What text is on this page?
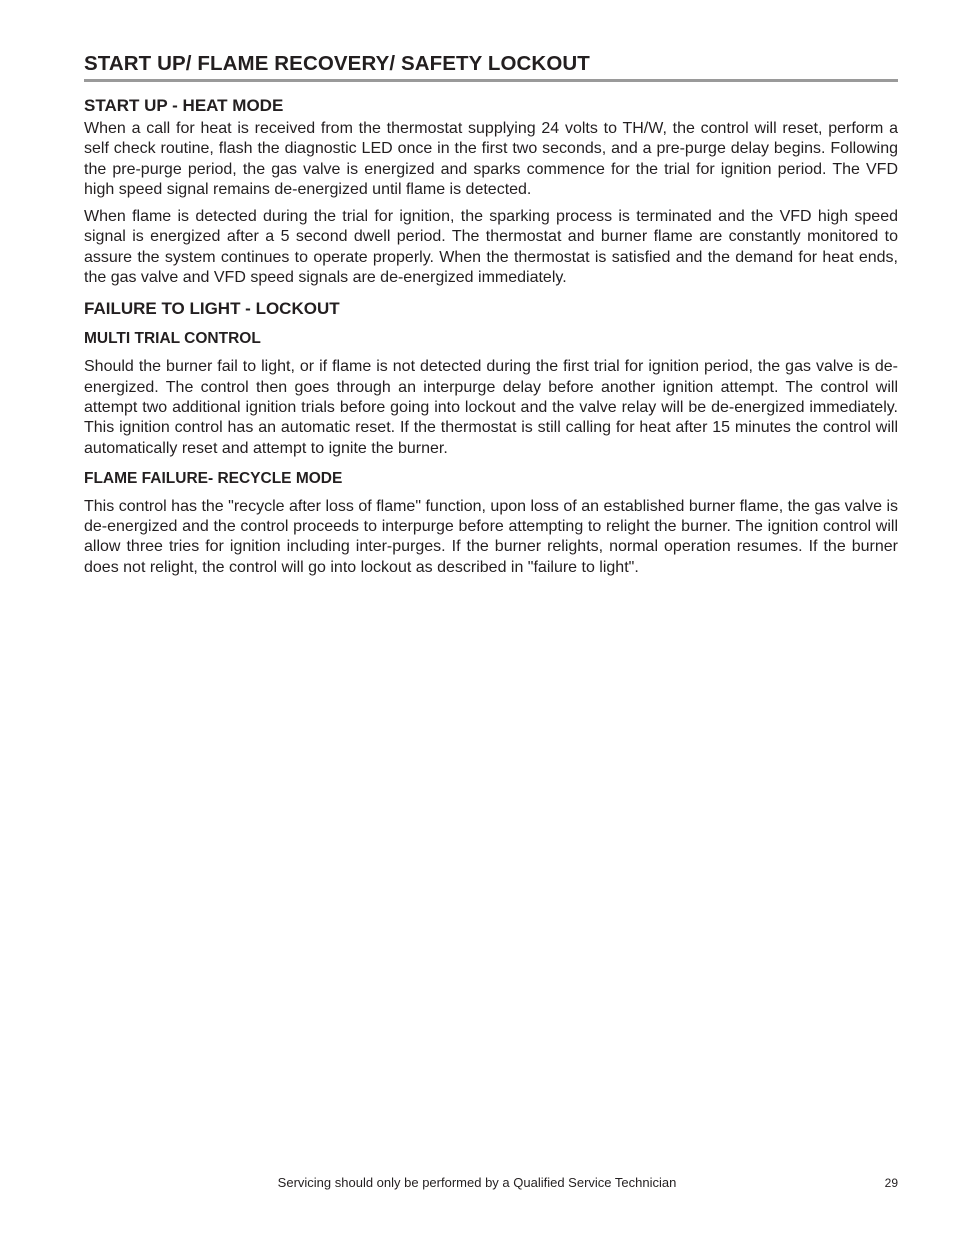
START UP/ FLAME RECOVERY/ SAFETY LOCKOUT
START UP - HEAT MODE

When a call for heat is received from the thermostat supplying 24 volts to TH/W, the control will reset, perform a self check routine, flash the diagnostic LED once in the first two seconds, and a pre-purge delay begins. Following the pre-purge period, the gas valve is energized and sparks commence for the trial for ignition period. The VFD high speed signal remains de-energized until flame is detected.

When flame is detected during the trial for ignition, the sparking process is terminated and the VFD high speed signal is energized after a 5 second dwell period. The thermostat and burner flame are constantly monitored to assure the system continues to operate properly. When the thermostat is satisfied and the demand for heat ends, the gas valve and VFD speed signals are de-energized immediately.

FAILURE TO LIGHT - LOCKOUT
MULTI TRIAL CONTROL

Should the burner fail to light, or if flame is not detected during the first trial for ignition period, the gas valve is de-energized. The control then goes through an interpurge delay before another ignition attempt. The control will attempt two additional ignition trials before going into lockout and the valve relay will be de-energized immediately. This ignition control has an automatic reset. If the thermostat is still calling for heat after 15 minutes the control will automatically reset and attempt to ignite the burner.

FLAME FAILURE- RECYCLE MODE

This control has the "recycle after loss of flame" function, upon loss of an established burner flame, the gas valve is de-energized and the control proceeds to interpurge before attempting to relight the burner. The ignition control will allow three tries for ignition including inter-purges. If the burner relights, normal operation resumes. If the burner does not relight, the control will go into lockout as described in "failure to light".

Servicing should only be performed by a Qualified Service Technician	29
